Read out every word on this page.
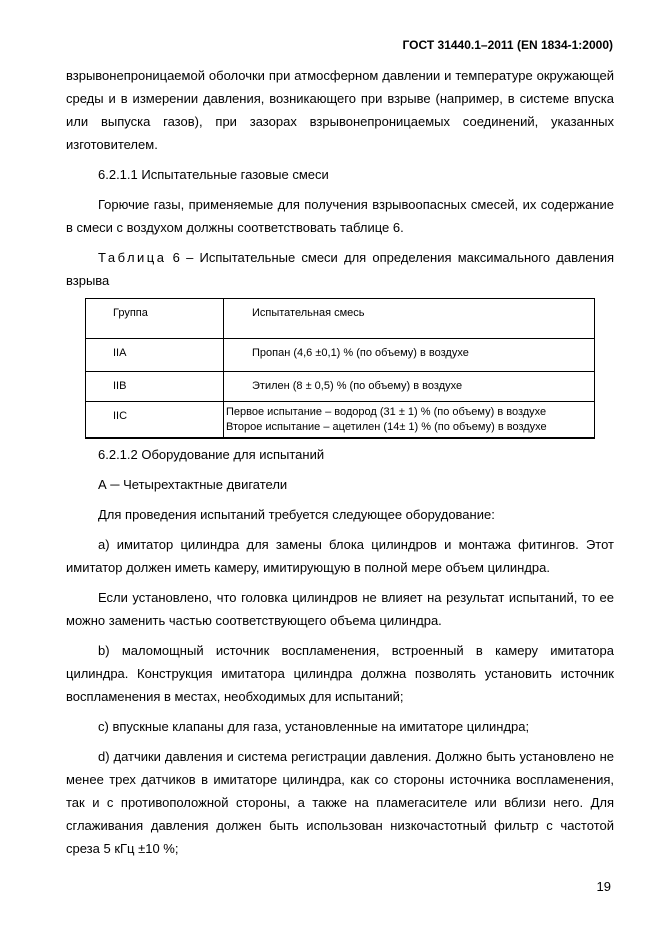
ГОСТ 31440.1–2011 (EN 1834-1:2000)

взрывонепроницаемой оболочки при атмосферном давлении и температуре окружающей среды и в измерении давления, возникающего при взрыве (например, в системе впуска или выпуска газов), при зазорах взрывонепроницаемых соединений, указанных изготовителем.

6.2.1.1 Испытательные газовые смеси

Горючие газы, применяемые для получения взрывоопасных смесей, их содержание в смеси с воздухом должны соответствовать таблице 6.

Таблица 6 – Испытательные смеси для определения максимального давления взрыва

Группа	Испытательная смесь
IIA	Пропан (4,6 ±0,1) % (по объему) в воздухе
IIB	Этилен (8 ± 0,5) % (по объему) в воздухе
IIC	Первое испытание – водород (31 ± 1) % (по объему) в воздухе
Второе испытание – ацетилен (14± 1) % (по объему) в воздухе

6.2.1.2 Оборудование для испытаний

А ─ Четырехтактные двигатели

Для проведения испытаний требуется следующее оборудование:

а) имитатор цилиндра для замены блока цилиндров и монтажа фитингов. Этот имитатор должен иметь камеру, имитирующую в полной мере объем цилиндра.

Если установлено, что головка цилиндров не влияет на результат испытаний, то ее можно заменить частью соответствующего объема цилиндра.

b) маломощный источник воспламенения, встроенный в камеру имитатора цилиндра. Конструкция имитатора цилиндра должна позволять установить источник воспламенения в местах, необходимых для испытаний;

с) впускные клапаны для газа, установленные на имитаторе цилиндра;

d) датчики давления и система регистрации давления. Должно быть установлено не менее трех датчиков в имитаторе цилиндра, как со стороны источника воспламенения, так и с противоположной стороны, а также на пламегасителе или вблизи него. Для сглаживания давления должен быть использован низкочастотный фильтр с частотой среза 5 кГц ±10 %;

19
